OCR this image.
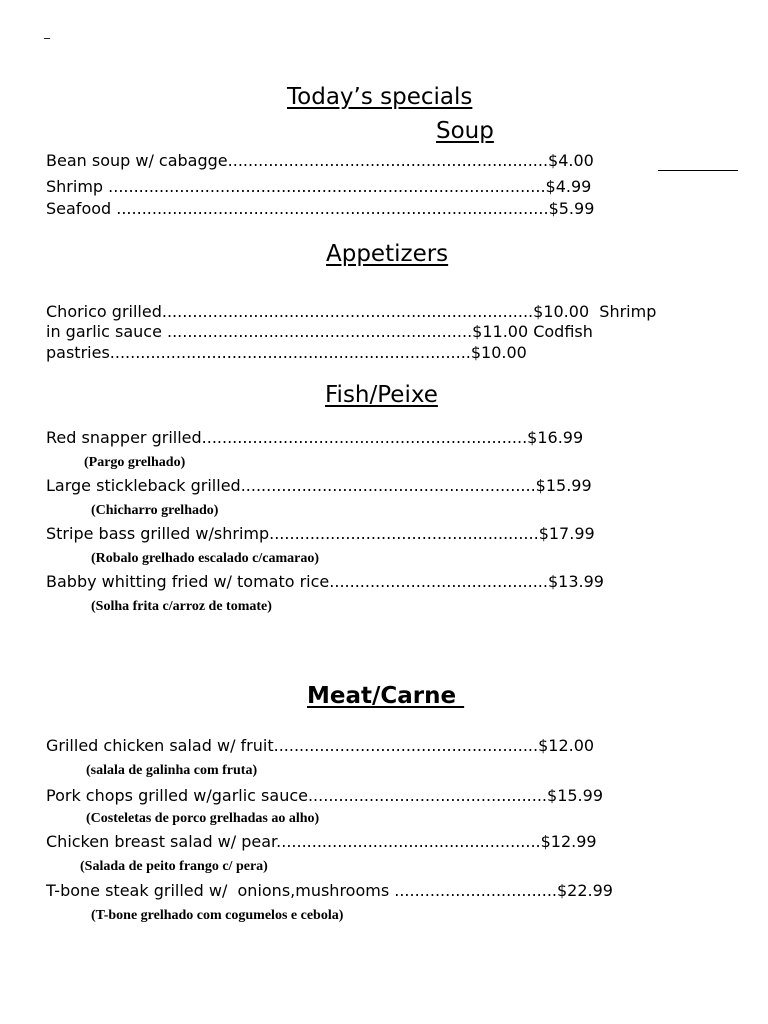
_
Today’s specials
Soup
Bean soup w/ cabagge...............................................................$4.00
Shrimp ......................................................................................$4.99
Seafood .....................................................................................$5.99
Appetizers
Chorico grilled.........................................................................$10.00  Shrimp
in garlic sauce ............................................................$11.00 Codfish
pastries.......................................................................$10.00
Fish/Peixe
Red snapper grilled................................................................$16.99
(Pargo grelhado)
Large stickleback grilled..........................................................$15.99
(Chicharro grelhado)
Stripe bass grilled w/shrimp.....................................................$17.99
(Robalo grelhado escalado c/camarao)
Babby whitting fried w/ tomato rice...........................................$13.99
(Solha frita c/arroz de tomate)
Meat/Carne
Grilled chicken salad w/ fruit....................................................$12.00
(salala de galinha com fruta)
Pork chops grilled w/garlic sauce...............................................$15.99
(Costeletas de porco grelhadas ao alho)
Chicken breast salad w/ pear....................................................$12.99
(Salada de peito frango c/ pera)
T-bone steak grilled w/  onions,mushrooms ................................$22.99
(T-bone grelhado com cogumelos e cebola)
